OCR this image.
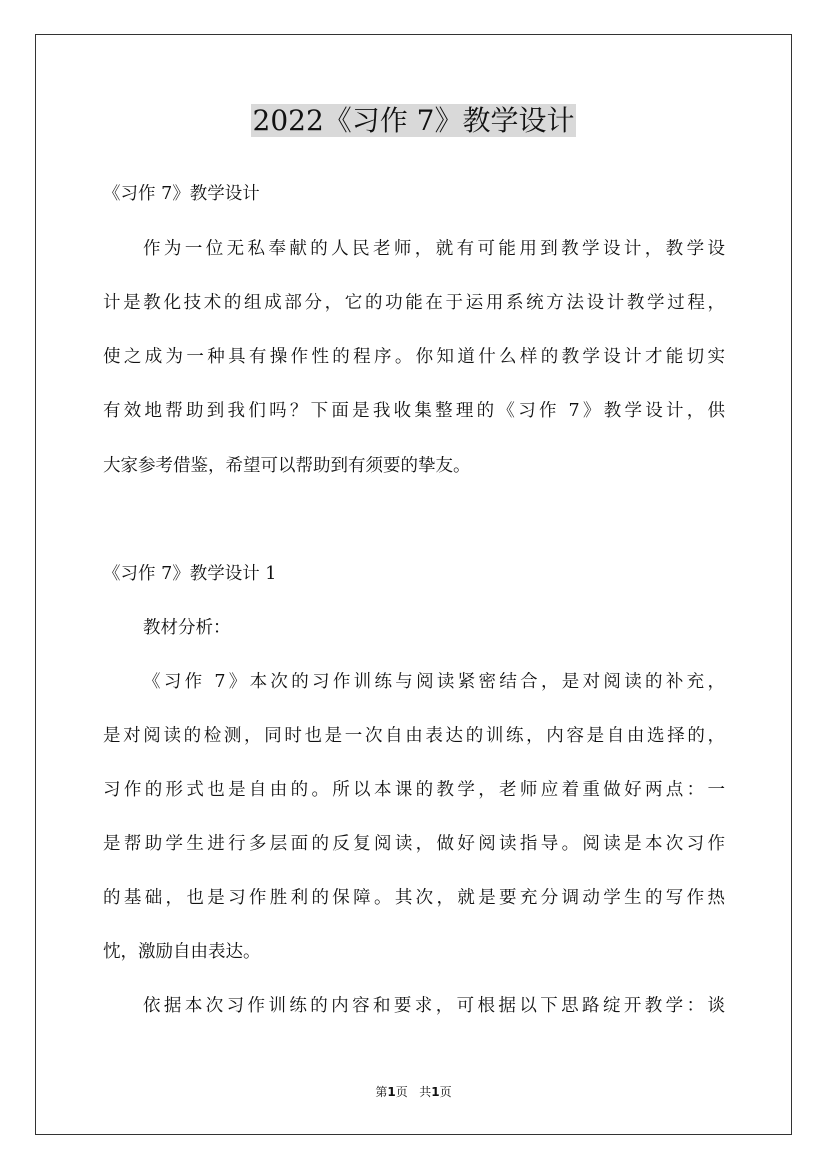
2022《习作 7》教学设计

《习作 7》教学设计

作为一位无私奉献的人民老师，就有可能用到教学设计，教学设

计是教化技术的组成部分，它的功能在于运用系统方法设计教学过程，

使之成为一种具有操作性的程序。你知道什么样的教学设计才能切实

有效地帮助到我们吗？下面是我收集整理的《习作 7》教学设计，供

大家参考借鉴，希望可以帮助到有须要的挚友。

《习作 7》教学设计 1

教材分析：

《习作 7》本次的习作训练与阅读紧密结合，是对阅读的补充，

是对阅读的检测，同时也是一次自由表达的训练，内容是自由选择的，

习作的形式也是自由的。所以本课的教学，老师应着重做好两点：一

是帮助学生进行多层面的反复阅读，做好阅读指导。阅读是本次习作

的基础，也是习作胜利的保障。其次，就是要充分调动学生的写作热

忱，激励自由表达。

依据本次习作训练的内容和要求，可根据以下思路绽开教学：谈

第1页 共1页
